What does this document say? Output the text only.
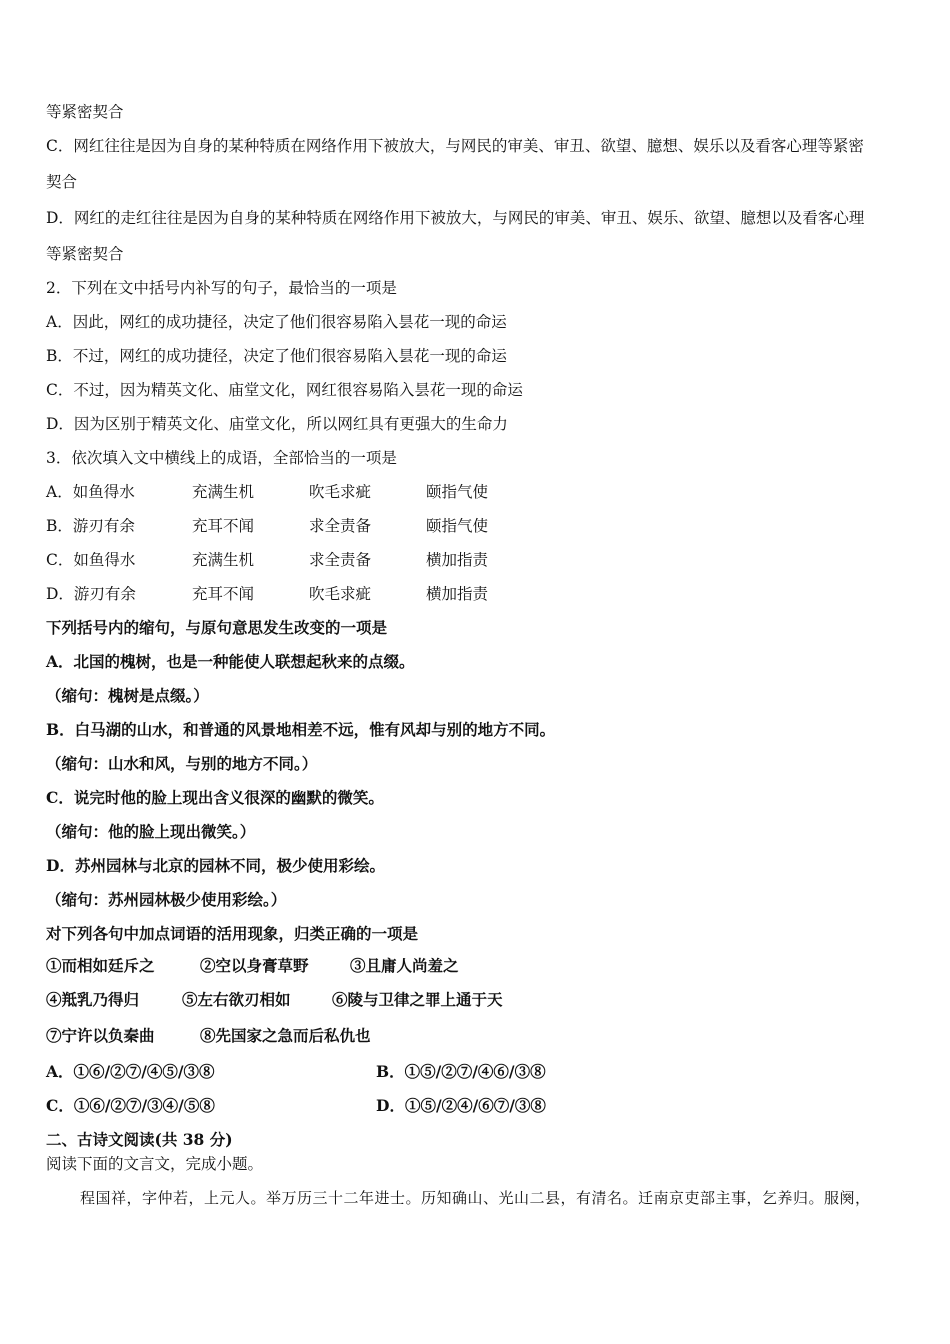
等紧密契合
C．网红往往是因为自身的某种特质在网络作用下被放大，与网民的审美、审丑、欲望、臆想、娱乐以及看客心理等紧密
契合
D．网红的走红往往是因为自身的某种特质在网络作用下被放大，与网民的审美、审丑、娱乐、欲望、臆想以及看客心理
等紧密契合
2．下列在文中括号内补写的句子，最恰当的一项是
A．因此，网红的成功捷径，决定了他们很容易陷入昙花一现的命运
B．不过，网红的成功捷径，决定了他们很容易陷入昙花一现的命运
C．不过，因为精英文化、庙堂文化，网红很容易陷入昙花一现的命运
D．因为区别于精英文化、庙堂文化，所以网红具有更强大的生命力
3．依次填入文中横线上的成语，全部恰当的一项是
A．如鱼得水	充满生机	吹毛求疵	颐指气使
B．游刃有余	充耳不闻	求全责备	颐指气使
C．如鱼得水	充满生机	求全责备	横加指责
D．游刃有余	充耳不闻	吹毛求疵	横加指责
下列括号内的缩句，与原句意思发生改变的一项是
A．北国的槐树，也是一种能使人联想起秋来的点缀。
（缩句：槐树是点缀。）
B．白马湖的山水，和普通的风景地相差不远，惟有风却与别的地方不同。
（缩句：山水和风，与别的地方不同。）
C．说完时他的脸上现出含义很深的幽默的微笑。
（缩句：他的脸上现出微笑。）
D．苏州园林与北京的园林不同，极少使用彩绘。
（缩句：苏州园林极少使用彩绘。）
对下列各句中加点词语的活用现象，归类正确的一项是
①而相如廷斥之	②空以身膏草野	③且庸人尚羞之
④羝乳乃得归	⑤左右欲刃相如	⑥陵与卫律之罪上通于天
⑦宁许以负秦曲	⑧先国家之急而后私仇也
A．①⑥/②⑦/④⑤/③⑧	B．①⑤/②⑦/④⑥/③⑧
C．①⑥/②⑦/③④/⑤⑧	D．①⑤/②④/⑥⑦/③⑧
二、古诗文阅读(共 38 分)
阅读下面的文言文，完成小题。
程国祥，字仲若，上元人。举万历三十二年进士。历知确山、光山二县，有清名。迁南京吏部主事，乞养归。服阕，
